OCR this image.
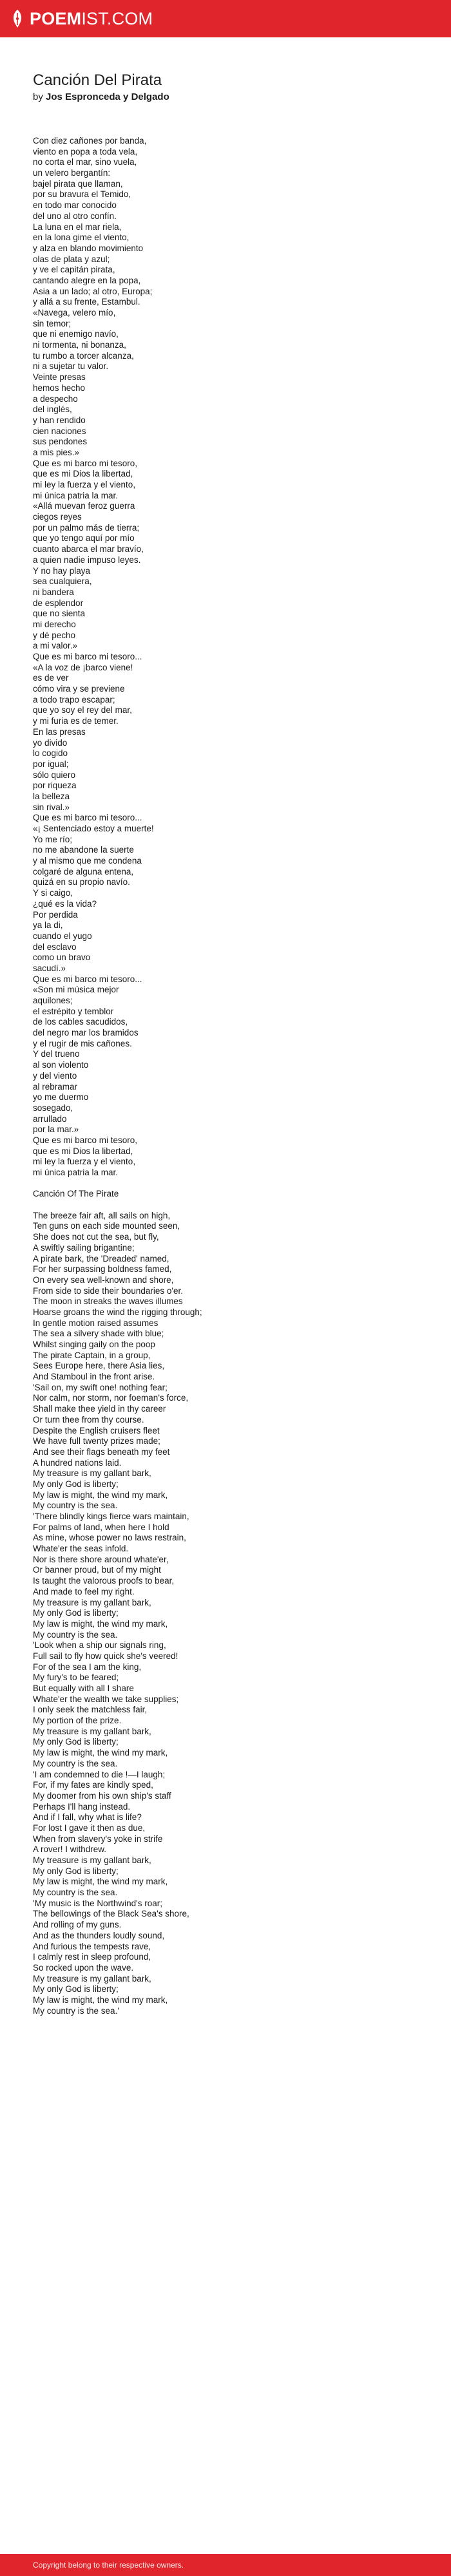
POEMIST.COM
Canción Del Pirata
by Jos Espronceda y Delgado
Con diez cañones por banda,
viento en popa a toda vela,
no corta el mar, sino vuela,
un velero bergantín:
bajel pirata que llaman,
por su bravura el Temido,
en todo mar conocido
del uno al otro confín.
La luna en el mar riela,
en la lona gime el viento,
y alza en blando movimiento
olas de plata y azul;
y ve el capitán pirata,
cantando alegre en la popa,
Asia a un lado; al otro, Europa;
y allá a su frente, Estambul.
«Navega, velero mío,
sin temor;
que ni enemigo navío,
ni tormenta, ni bonanza,
tu rumbo a torcer alcanza,
ni a sujetar tu valor.
Veinte presas
hemos hecho
a despecho
del inglés,
y han rendido
cien naciones
sus pendones
a mis pies.»
Que es mi barco mi tesoro,
que es mi Dios la libertad,
mi ley la fuerza y el viento,
mi única patria la mar.
«Allá muevan feroz guerra
ciegos reyes
por un palmo más de tierra;
que yo tengo aquí por mío
cuanto abarca el mar bravío,
a quien nadie impuso leyes.
Y no hay playa
sea cualquiera,
ni bandera
de esplendor
que no sienta
mi derecho
y dé pecho
a mi valor.»
Que es mi barco mi tesoro...
«A la voz de ¡barco viene!
es de ver
cómo vira y se previene
a todo trapo escapar;
que yo soy el rey del mar,
y mi furia es de temer.
En las presas
yo divido
lo cogido
por igual;
sólo quiero
por riqueza
la belleza
sin rival.»
Que es mi barco mi tesoro...
«¡ Sentenciado estoy a muerte!
Yo me río;
no me abandone la suerte
y al mismo que me condena
colgaré de alguna entena,
quizá en su propio navío.
Y si caigo,
¿qué es la vida?
Por perdida
ya la di,
cuando el yugo
del esclavo
como un bravo
sacudí.»
Que es mi barco mi tesoro...
«Son mi música mejor
aquilones;
el estrépito y temblor
de los cables sacudidos,
del negro mar los bramidos
y el rugir de mis cañones.
Y del trueno
al son violento
y del viento
al rebramar
yo me duermo
sosegado,
arrullado
por la mar.»
Que es mi barco mi tesoro,
que es mi Dios la libertad,
mi ley la fuerza y el viento,
mi única patria la mar.
Canción Of The Pirate
The breeze fair aft, all sails on high,
Ten guns on each side mounted seen,
She does not cut the sea, but fly,
A swiftly sailing brigantine;
A pirate bark, the 'Dreaded' named,
For her surpassing boldness famed,
On every sea well-known and shore,
From side to side their boundaries o'er.
The moon in streaks the waves illumes
Hoarse groans the wind the rigging through;
In gentle motion raised assumes
The sea a silvery shade with blue;
Whilst singing gaily on the poop
The pirate Captain, in a group,
Sees Europe here, there Asia lies,
And Stamboul in the front arise.
'Sail on, my swift one! nothing fear;
Nor calm, nor storm, nor foeman's force,
Shall make thee yield in thy career
Or turn thee from thy course.
Despite the English cruisers fleet
We have full twenty prizes made;
And see their flags beneath my feet
A hundred nations laid.
My treasure is my gallant bark,
My only God is liberty;
My law is might, the wind my mark,
My country is the sea.
'There blindly kings fierce wars maintain,
For palms of land, when here I hold
As mine, whose power no laws restrain,
Whate'er the seas infold.
Nor is there shore around whate'er,
Or banner proud, but of my might
Is taught the valorous proofs to bear,
And made to feel my right.
My treasure is my gallant bark,
My only God is liberty;
My law is might, the wind my mark,
My country is the sea.
'Look when a ship our signals ring,
Full sail to fly how quick she's veered!
For of the sea I am the king,
My fury's to be feared;
But equally with all I share
Whate'er the wealth we take supplies;
I only seek the matchless fair,
My portion of the prize.
My treasure is my gallant bark,
My only God is liberty;
My law is might, the wind my mark,
My country is the sea.
'I am condemned to die !—I laugh;
For, if my fates are kindly sped,
My doomer from his own ship's staff
Perhaps I'll hang instead.
And if I fall, why what is life?
For lost I gave it then as due,
When from slavery's yoke in strife
A rover! I withdrew.
My treasure is my gallant bark,
My only God is liberty;
My law is might, the wind my mark,
My country is the sea.
'My music is the Northwind's roar;
The bellowings of the Black Sea's shore,
And rolling of my guns.
And as the thunders loudly sound,
And furious the tempests rave,
I calmly rest in sleep profound,
So rocked upon the wave.
My treasure is my gallant bark,
My only God is liberty;
My law is might, the wind my mark,
My country is the sea.'
Copyright belong to their respective owners.
